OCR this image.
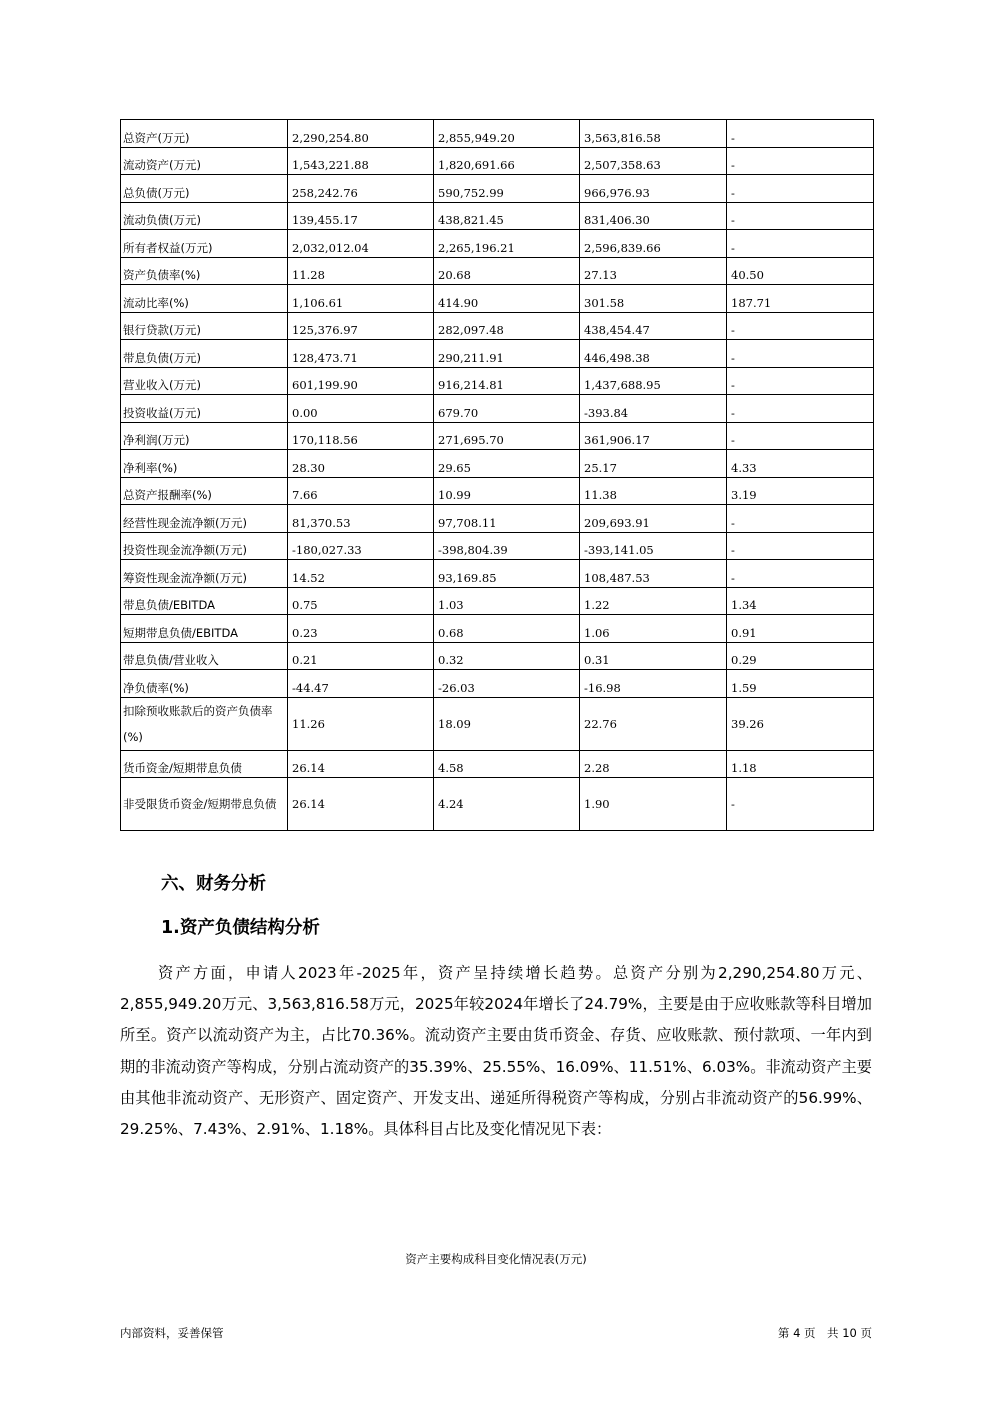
总资产(万元)	2,290,254.80	2,855,949.20	3,563,816.58	-
流动资产(万元)	1,543,221.88	1,820,691.66	2,507,358.63	-
总负债(万元)	258,242.76	590,752.99	966,976.93	-
流动负债(万元)	139,455.17	438,821.45	831,406.30	-
所有者权益(万元)	2,032,012.04	2,265,196.21	2,596,839.66	-
资产负债率(%)	11.28	20.68	27.13	40.50
流动比率(%)	1,106.61	414.90	301.58	187.71
银行贷款(万元)	125,376.97	282,097.48	438,454.47	-
带息负债(万元)	128,473.71	290,211.91	446,498.38	-
营业收入(万元)	601,199.90	916,214.81	1,437,688.95	-
投资收益(万元)	0.00	679.70	-393.84	-
净利润(万元)	170,118.56	271,695.70	361,906.17	-
净利率(%)	28.30	29.65	25.17	4.33
总资产报酬率(%)	7.66	10.99	11.38	3.19
经营性现金流净额(万元)	81,370.53	97,708.11	209,693.91	-
投资性现金流净额(万元)	-180,027.33	-398,804.39	-393,141.05	-
筹资性现金流净额(万元)	14.52	93,169.85	108,487.53	-
带息负债/EBITDA	0.75	1.03	1.22	1.34
短期带息负债/EBITDA	0.23	0.68	1.06	0.91
带息负债/营业收入	0.21	0.32	0.31	0.29
净负债率(%)	-44.47	-26.03	-16.98	1.59
扣除预收账款后的资产负债率(%)	11.26	18.09	22.76	39.26
货币资金/短期带息负债	26.14	4.58	2.28	1.18
非受限货币资金/短期带息负债	26.14	4.24	1.90	-
六、财务分析
1.资产负债结构分析

资产方面，申请人2023年-2025年，资产呈持续增长趋势。总资产分别为2,290,254.80万元、2,855,949.20万元、3,563,816.58万元，2025年较2024年增长了24.79%，主要是由于应收账款等科目增加所至。资产以流动资产为主，占比70.36%。流动资产主要由货币资金、存货、应收账款、预付款项、一年内到期的非流动资产等构成，分别占流动资产的35.39%、25.55%、16.09%、11.51%、6.03%。非流动资产主要由其他非流动资产、无形资产、固定资产、开发支出、递延所得税资产等构成，分别占非流动资产的56.99%、29.25%、7.43%、2.91%、1.18%。具体科目占比及变化情况见下表：

资产主要构成科目变化情况表(万元)
内部资料，妥善保管	第 4 页　共 10 页
